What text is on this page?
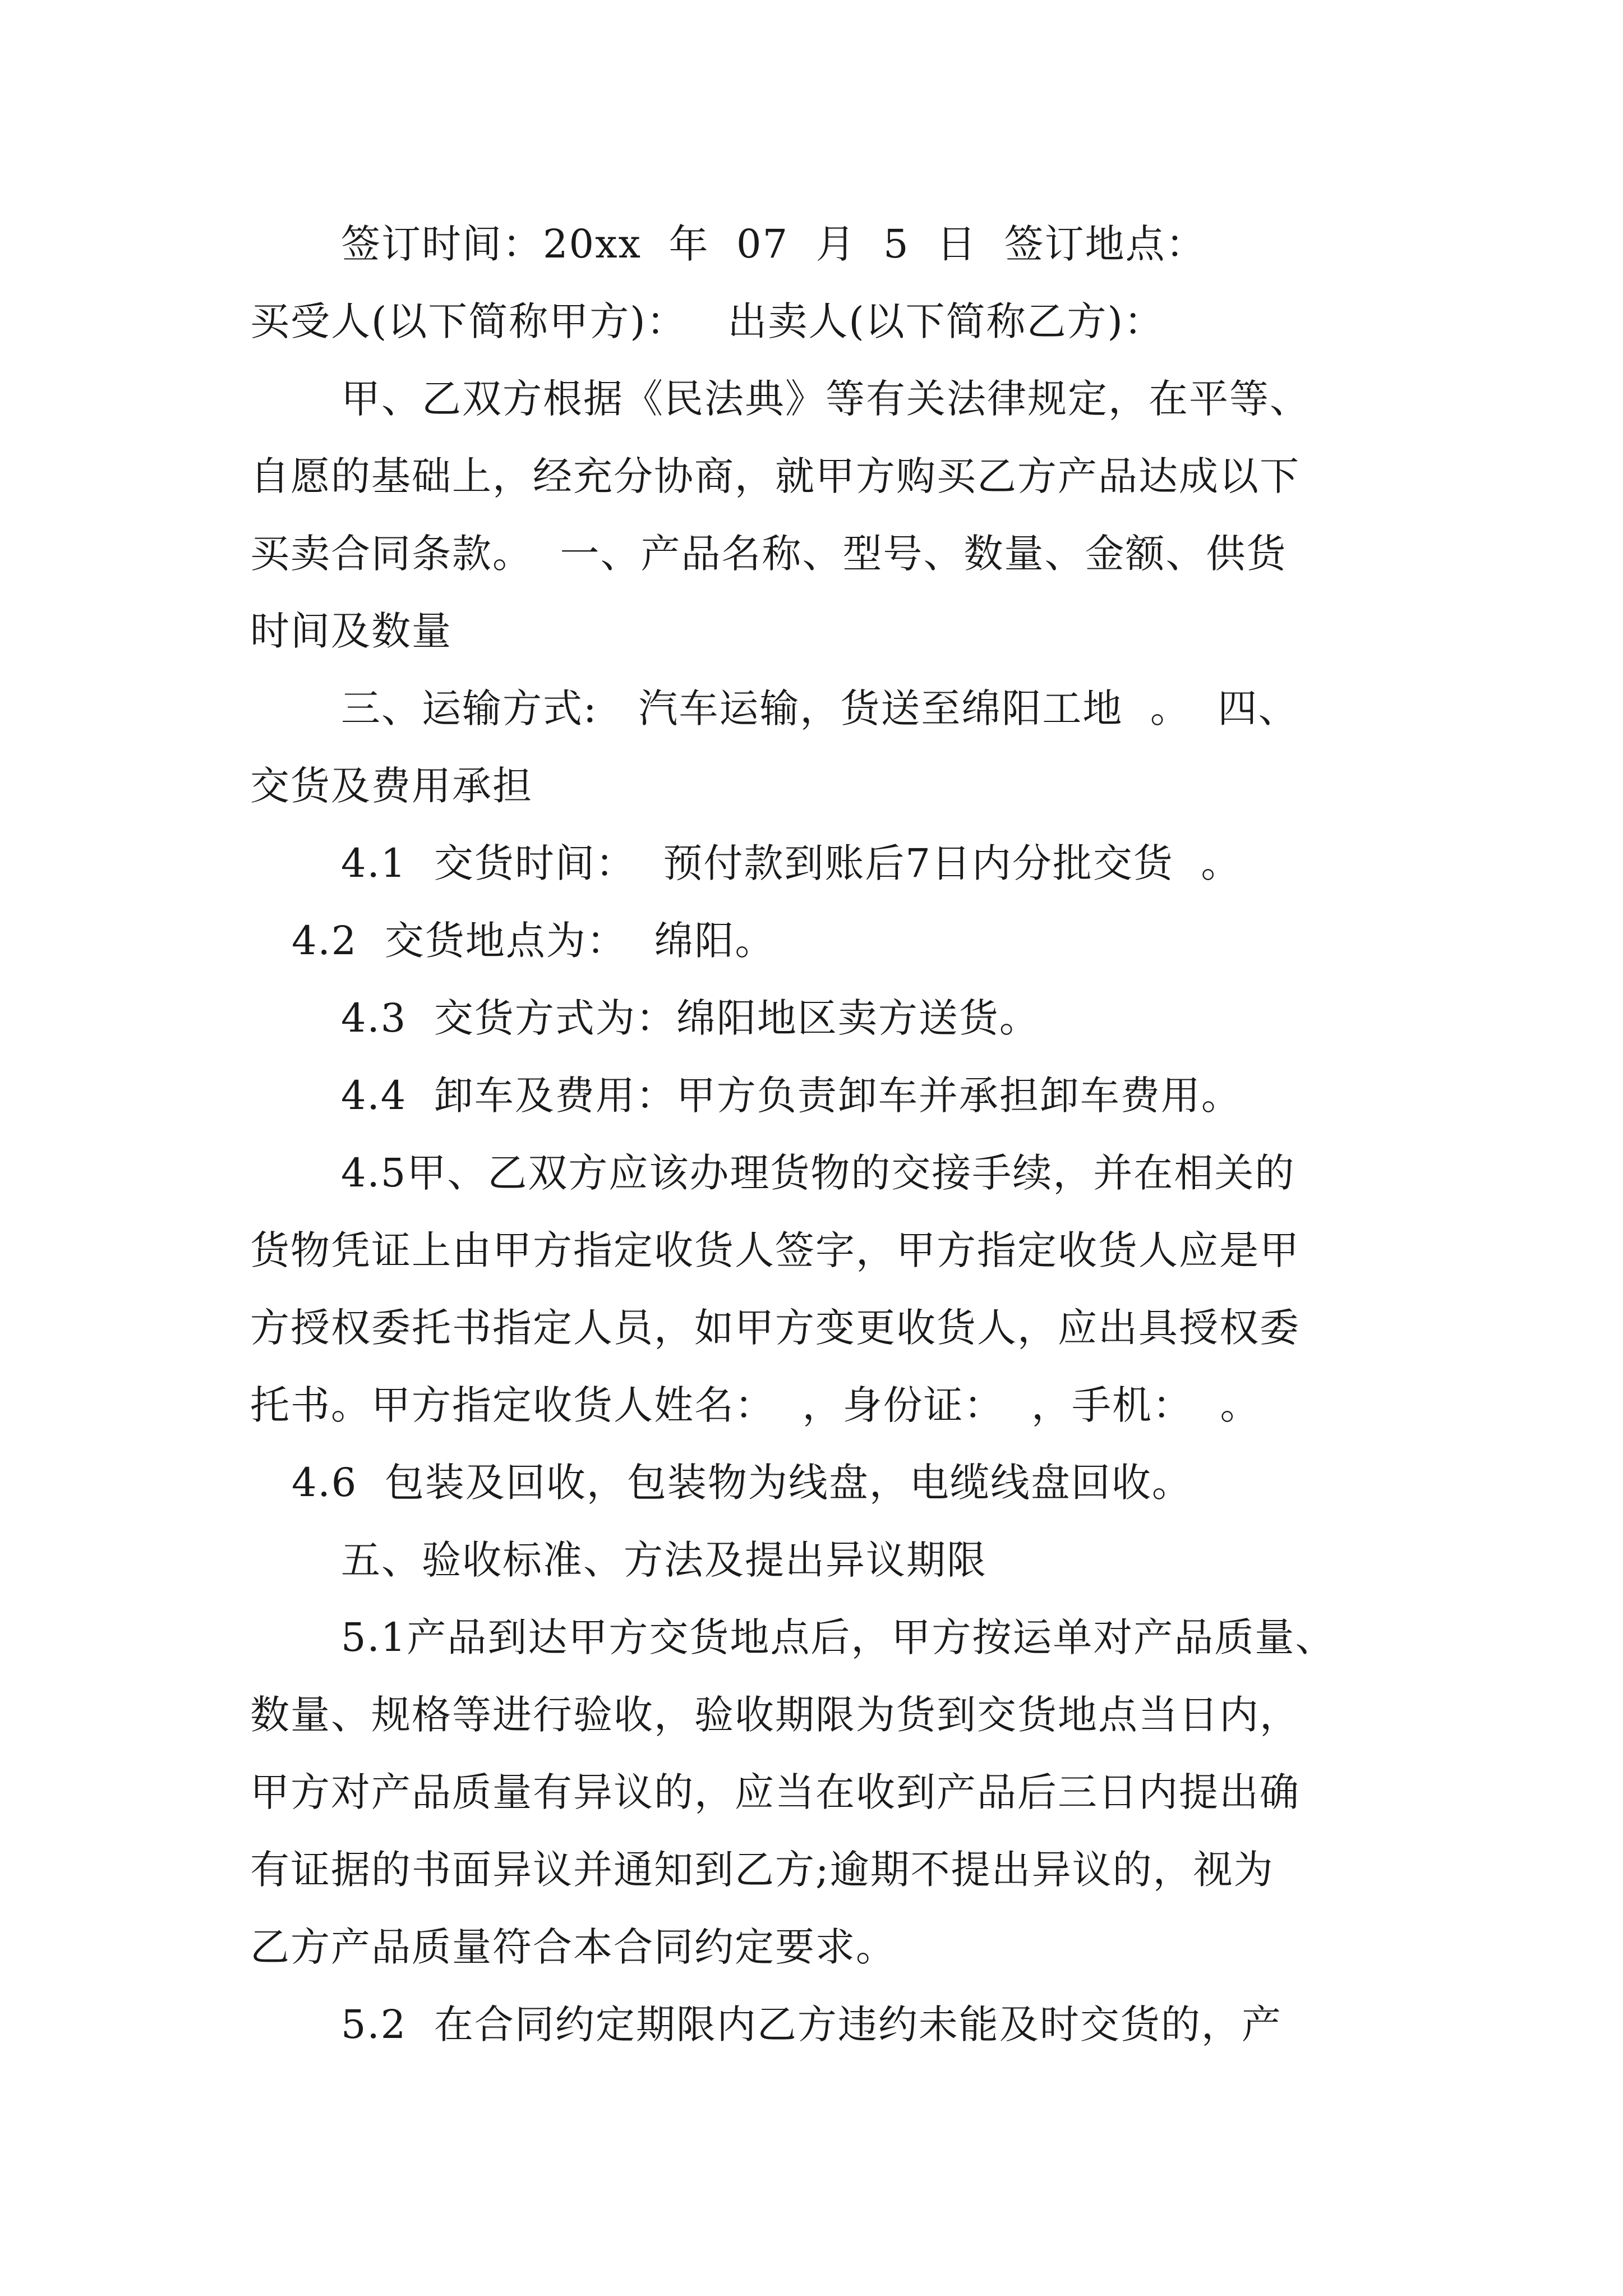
签订时间：20xx  年  07  月  5  日  签订地点：
买受人(以下简称甲方)：   出卖人(以下简称乙方)：
甲、乙双方根据《民法典》等有关法律规定，在平等、
自愿的基础上，经充分协商，就甲方购买乙方产品达成以下
买卖合同条款。  一、产品名称、型号、数量、金额、供货
时间及数量
三、运输方式:   汽车运输，货送至绵阳工地  。  四、
交货及费用承担
4.1  交货时间：  预付款到账后7日内分批交货  。
4.2  交货地点为：  绵阳。
4.3  交货方式为：绵阳地区卖方送货。
4.4  卸车及费用：甲方负责卸车并承担卸车费用。
4.5甲、乙双方应该办理货物的交接手续，并在相关的
货物凭证上由甲方指定收货人签字，甲方指定收货人应是甲
方授权委托书指定人员，如甲方变更收货人，应出具授权委
托书。甲方指定收货人姓名：  ，身份证：  ，手机：  。
4.6  包装及回收，包装物为线盘，电缆线盘回收。
五、验收标准、方法及提出异议期限
5.1产品到达甲方交货地点后，甲方按运单对产品质量、
数量、规格等进行验收，验收期限为货到交货地点当日内，
甲方对产品质量有异议的，应当在收到产品后三日内提出确
有证据的书面异议并通知到乙方;逾期不提出异议的，视为
乙方产品质量符合本合同约定要求。
5.2  在合同约定期限内乙方违约未能及时交货的，产
